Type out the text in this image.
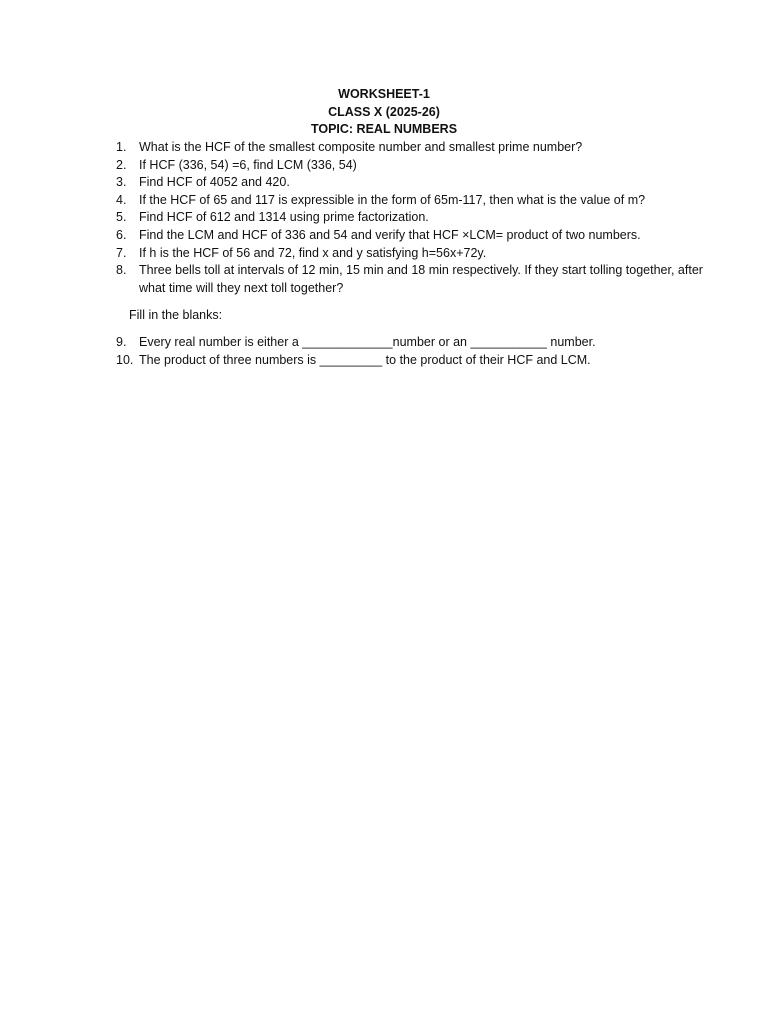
WORKSHEET-1
CLASS X (2025-26)
TOPIC: REAL NUMBERS
1.	What is the HCF of the smallest composite number and smallest prime number?
2.	If HCF (336, 54) =6, find LCM (336, 54)
3.	Find HCF of 4052 and 420.
4.	If the HCF of 65 and 117 is expressible in the form of 65m-117, then what is the value of m?
5.	Find HCF of 612 and 1314 using prime factorization.
6.	Find the LCM and HCF of 336 and 54 and verify that HCF ×LCM= product of two numbers.
7.	If h is the HCF of 56 and 72, find x and y satisfying h=56x+72y.
8.	Three bells toll at intervals of 12 min, 15 min and 18 min respectively. If they start tolling together, after what time will they next toll together?
Fill in the blanks:
9.	Every real number is either a _____________number or an ___________ number.
10. The product of three numbers is _________ to the product of their HCF and LCM.
